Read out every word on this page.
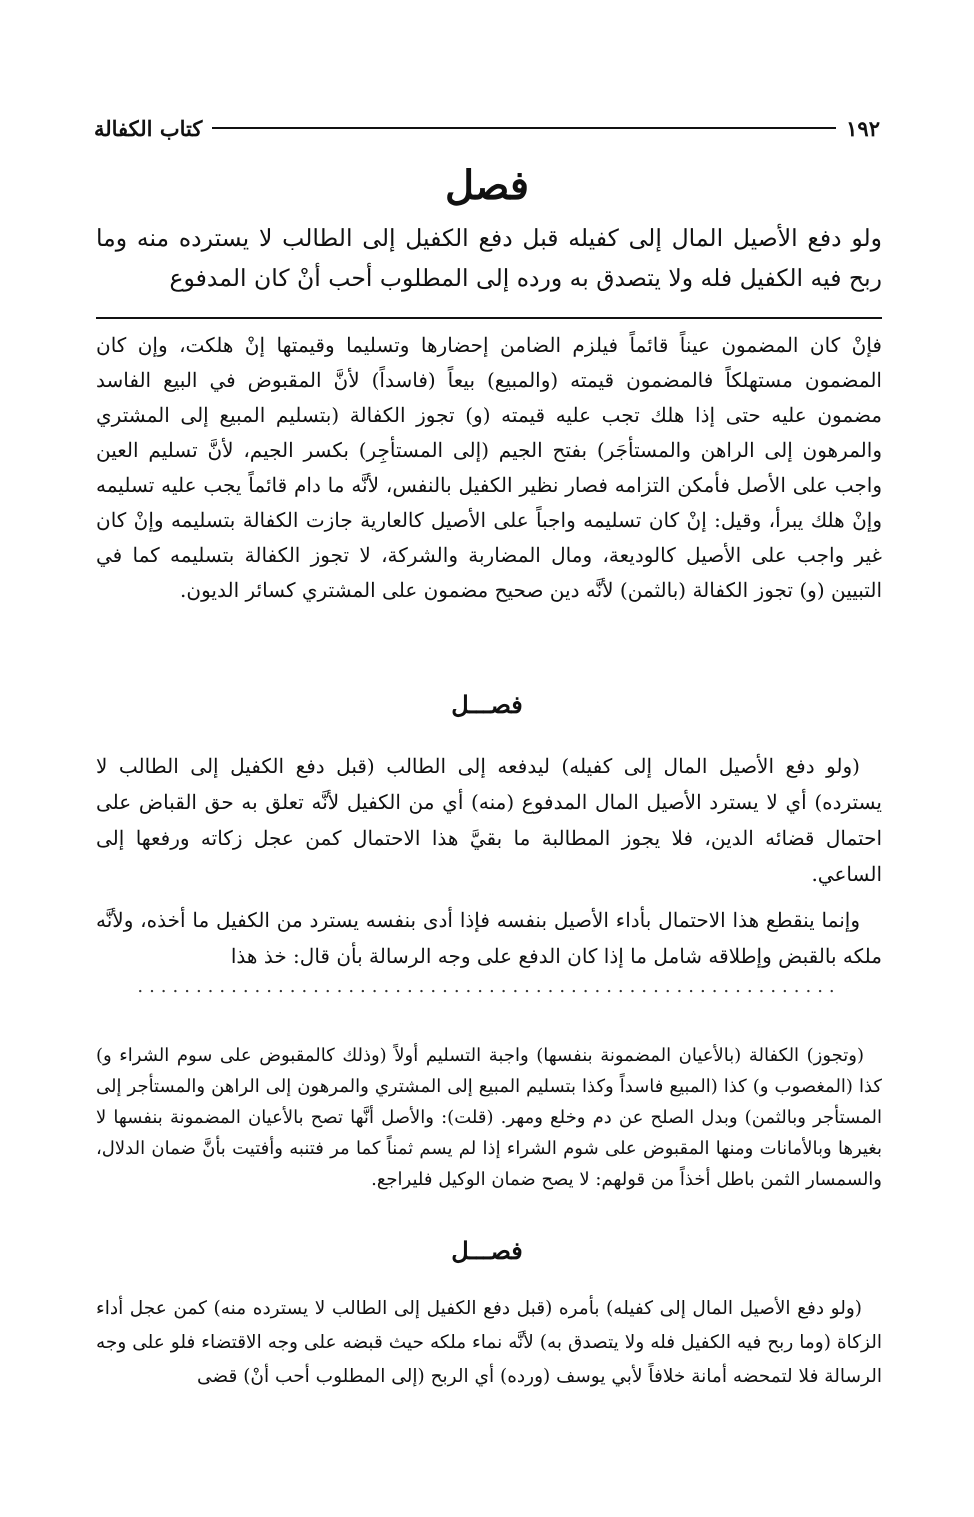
١٩٢
كتاب الكفالة
فصل
ولو دفع الأصيل المال إلى كفيله قبل دفع الكفيل إلى الطالب لا يسترده منه وما ربح فيه الكفيل فله ولا يتصدق به ورده إلى المطلوب أحب أنْ كان المدفوع

فإنْ كان المضمون عيناً قائماً فيلزم الضامن إحضارها وتسليما وقيمتها إنْ هلكت، وإن كان المضمون مستهلكاً فالمضمون قيمته (والمبيع) بيعاً (فاسداً) لأنَّ المقبوض في البيع الفاسد مضمون عليه حتى إذا هلك تجب عليه قيمته (و) تجوز الكفالة (بتسليم المبيع إلى المشتري والمرهون إلى الراهن والمستأجَر) بفتح الجيم (إلى المستأجِر) بكسر الجيم، لأنَّ تسليم العين واجب على الأصل فأمكن التزامه فصار نظير الكفيل بالنفس، لأنَّه ما دام قائماً يجب عليه تسليمه وإنْ هلك يبرأ، وقيل: إنْ كان تسليمه واجباً على الأصيل كالعارية جازت الكفالة بتسليمه وإنْ كان غير واجب على الأصيل كالوديعة، ومال المضاربة والشركة، لا تجوز الكفالة بتسليمه كما في التبيين (و) تجوز الكفالة (بالثمن) لأنَّه دين صحيح مضمون على المشتري كسائر الديون.

فصـــل

(ولو دفع الأصيل المال إلى كفيله) ليدفعه إلى الطالب (قبل دفع الكفيل إلى الطالب لا يسترده) أي لا يسترد الأصيل المال المدفوع (منه) أي من الكفيل لأنَّه تعلق به حق القباض على احتمال قضائه الدين، فلا يجوز المطالبة ما بقيَّ هذا الاحتمال كمن عجل زكاته ورفعها إلى الساعي.

وإنما ينقطع هذا الاحتمال بأداء الأصيل بنفسه فإذا أدى بنفسه يسترد من الكفيل ما أخذه، ولأنَّه ملكه بالقبض وإطلاقه شامل ما إذا كان الدفع على وجه الرسالة بأن قال: خذ هذا

............................................................

(وتجوز) الكفالة (بالأعيان المضمونة بنفسها) واجبة التسليم أولاً (وذلك كالمقبوض على سوم الشراء و) كذا (المغصوب و) كذا (المبيع فاسداً وكذا بتسليم المبيع إلى المشتري والمرهون إلى الراهن والمستأجر إلى المستأجر وبالثمن) وبدل الصلح عن دم وخلع ومهر. (قلت): والأصل أنَّها تصح بالأعيان المضمونة بنفسها لا بغيرها وبالأمانات ومنها المقبوض على شوم الشراء إذا لم يسم ثمناً كما مر فتنبه وأفتيت بأنَّ ضمان الدلال، والسمسار الثمن باطل أخذاً من قولهم: لا يصح ضمان الوكيل فليراجع.

فصـــل

(ولو دفع الأصيل المال إلى كفيله) بأمره (قبل دفع الكفيل إلى الطالب لا يسترده منه) كمن عجل أداء الزكاة (وما ربح فيه الكفيل فله ولا يتصدق به) لأنَّه نماء ملكه حيث قبضه على وجه الاقتضاء فلو على وجه الرسالة فلا لتمحضه أمانة خلافاً لأبي يوسف (ورده) أي الربح (إلى المطلوب أحب أنْ) قضى
